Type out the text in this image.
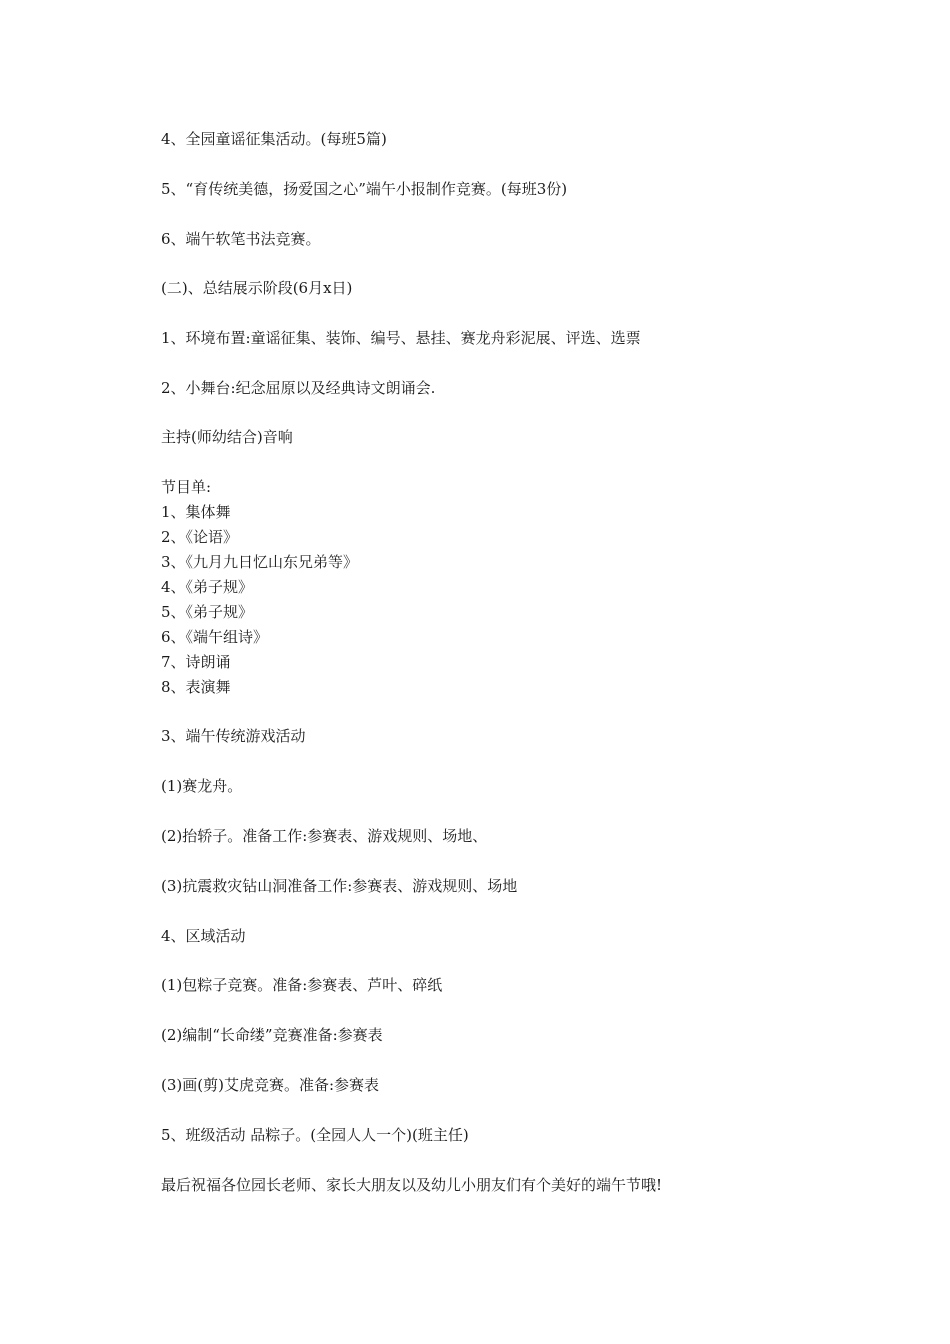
4、全园童谣征集活动。(每班5篇)

5、“育传统美德，扬爱国之心”端午小报制作竞赛。(每班3份)

6、端午软笔书法竞赛。

(二)、总结展示阶段(6月x日)

1、环境布置:童谣征集、装饰、编号、悬挂、赛龙舟彩泥展、评选、选票

2、小舞台:纪念屈原以及经典诗文朗诵会.

主持(师幼结合)音响

节目单:

1、集体舞

2、《论语》

3、《九月九日忆山东兄弟等》

4、《弟子规》

5、《弟子规》

6、《端午组诗》

7、诗朗诵

8、表演舞

3、端午传统游戏活动

(1)赛龙舟。

(2)抬轿子。准备工作:参赛表、游戏规则、场地、

(3)抗震救灾钻山洞准备工作:参赛表、游戏规则、场地

4、区域活动

(1)包粽子竞赛。准备:参赛表、芦叶、碎纸

(2)编制“长命缕”竞赛准备:参赛表

(3)画(剪)艾虎竞赛。准备:参赛表

5、班级活动 品粽子。(全园人人一个)(班主任)

最后祝福各位园长老师、家长大朋友以及幼儿小朋友们有个美好的端午节哦!
